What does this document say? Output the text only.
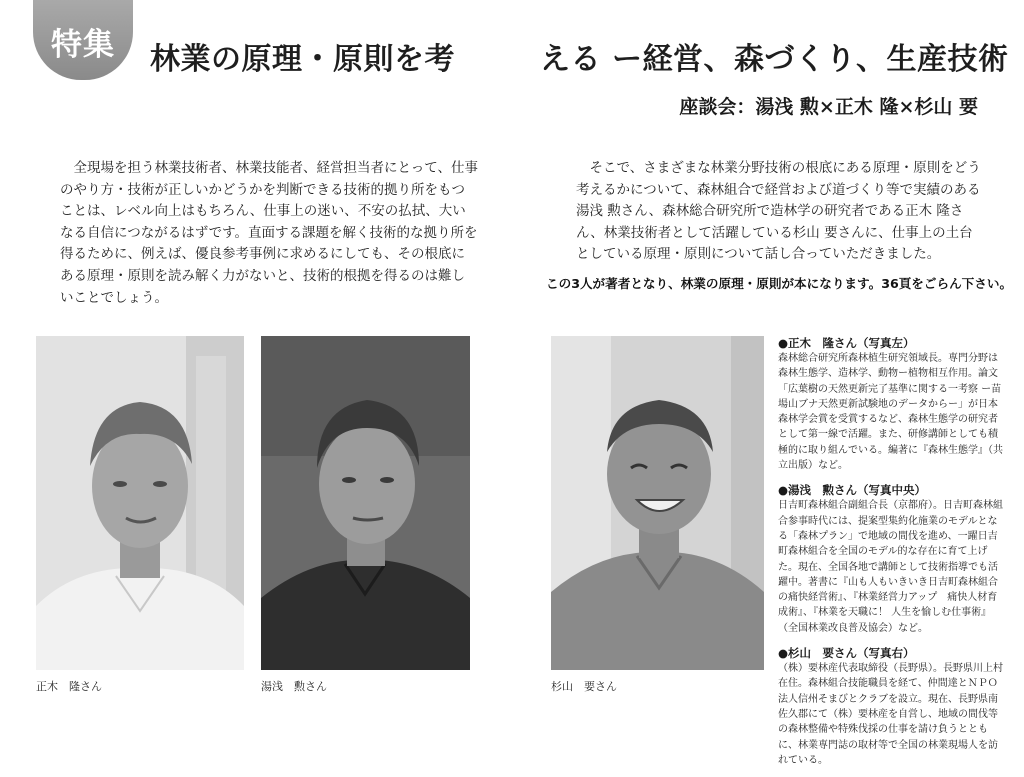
特集 林業の原理・原則を考	える ー経営、森づくり、生産技術
座談会：湯浅 勲×正木 隆×杉山 要

全現場を担う林業技術者、林業技能者、経営担当者にとって、仕事のやり方・技術が正しいかどうかを判断できる技術的拠り所をもつことは、レベル向上はもちろん、仕事上の迷い、不安の払拭、大いなる自信につながるはずです。直面する課題を解く技術的な拠り所を得るために、例えば、優良参考事例に求めるにしても、その根底にある原理・原則を読み解く力がないと、技術的根拠を得るのは難しいことでしょう。

そこで、さまざまな林業分野技術の根底にある原理・原則をどう考えるかについて、森林組合で経営および道づくり等で実績のある湯浅 勲さん、森林総合研究所で造林学の研究者である正木 隆さん、林業技術者として活躍している杉山 要さんに、仕事上の土台としている原理・原則について話し合っていただきました。

この3人が著者となり、林業の原理・原則が本になります。36頁をごらん下さい。
正木　隆さん	湯浅　勲さん	杉山　要さん
●正木　隆さん（写真左）

森林総合研究所森林植生研究領域長。専門分野は森林生態学、造林学、動物ー植物相互作用。論文「広葉樹の天然更新完了基準に関する一考察 ー苗場山ブナ天然更新試験地のデータからー」が日本森林学会賞を受賞するなど、森林生態学の研究者として第一線で活躍。また、研修講師としても積極的に取り組んでいる。編著に『森林生態学』（共立出版）など。

●湯浅　勲さん（写真中央）

日吉町森林組合副組合長（京都府）。日吉町森林組合参事時代には、提案型集約化施業のモデルとなる「森林プラン」で地域の間伐を進め、一躍日吉町森林組合を全国のモデル的な存在に育て上げた。現在、全国各地で講師として技術指導でも活躍中。著書に『山も人もいきいき日吉町森林組合の痛快経営術』、『林業経営力アップ　痛快人材育成術』、『林業を天職に！ 人生を愉しむ仕事術』（全国林業改良普及協会）など。

●杉山　要さん（写真右）

（株）要林産代表取締役（長野県）。長野県川上村在住。森林組合技能職員を経て、仲間達とＮＰＯ法人信州そまびとクラブを設立。現在、長野県南佐久郡にて（株）要林産を自営し、地域の間伐等の森林整備や特殊伐採の仕事を請け負うとともに、林業専門誌の取材等で全国の林業現場人を訪れている。
